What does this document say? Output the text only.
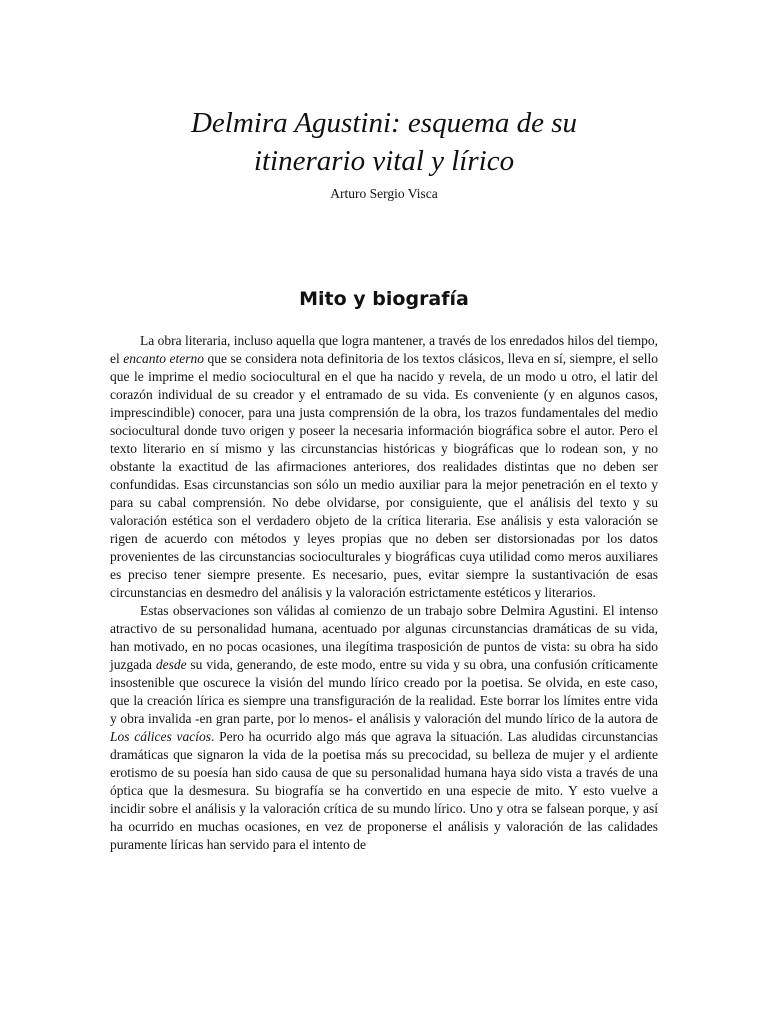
Delmira Agustini: esquema de su
itinerario vital y lírico

Arturo Sergio Visca

Mito y biografía

La obra literaria, incluso aquella que logra mantener, a través de los enredados hilos del tiempo, el encanto eterno que se considera nota definitoria de los textos clásicos, lleva en sí, siempre, el sello que le imprime el medio sociocultural en el que ha nacido y revela, de un modo u otro, el latir del corazón individual de su creador y el entramado de su vida. Es conveniente (y en algunos casos, imprescindible) conocer, para una justa comprensión de la obra, los trazos fundamentales del medio sociocultural donde tuvo origen y poseer la necesaria información biográfica sobre el autor. Pero el texto literario en sí mismo y las circunstancias históricas y biográficas que lo rodean son, y no obstante la exactitud de las afirmaciones anteriores, dos realidades distintas que no deben ser confundidas. Esas circunstancias son sólo un medio auxiliar para la mejor penetración en el texto y para su cabal comprensión. No debe olvidarse, por consiguiente, que el análisis del texto y su valoración estética son el verdadero objeto de la crítica literaria. Ese análisis y esta valoración se rigen de acuerdo con métodos y leyes propias que no deben ser distorsionadas por los datos provenientes de las circunstancias socioculturales y biográficas cuya utilidad como meros auxiliares es preciso tener siempre presente. Es necesario, pues, evitar siempre la sustantivación de esas circunstancias en desmedro del análisis y la valoración estrictamente estéticos y literarios.

Estas observaciones son válidas al comienzo de un trabajo sobre Delmira Agustini. El intenso atractivo de su personalidad humana, acentuado por algunas circunstancias dramáticas de su vida, han motivado, en no pocas ocasiones, una ilegítima trasposición de puntos de vista: su obra ha sido juzgada desde su vida, generando, de este modo, entre su vida y su obra, una confusión críticamente insostenible que oscurece la visión del mundo lírico creado por la poetisa. Se olvida, en este caso, que la creación lírica es siempre una transfiguración de la realidad. Este borrar los límites entre vida y obra invalida -en gran parte, por lo menos- el análisis y valoración del mundo lírico de la autora de Los cálices vacíos. Pero ha ocurrido algo más que agrava la situación. Las aludidas circunstancias dramáticas que signaron la vida de la poetisa más su precocidad, su belleza de mujer y el ardiente erotismo de su poesía han sido causa de que su personalidad humana haya sido vista a través de una óptica que la desmesura. Su biografía se ha convertido en una especie de mito. Y esto vuelve a incidir sobre el análisis y la valoración crítica de su mundo lírico. Uno y otra se falsean porque, y así ha ocurrido en muchas ocasiones, en vez de proponerse el análisis y valoración de las calidades puramente líricas han servido para el intento de
